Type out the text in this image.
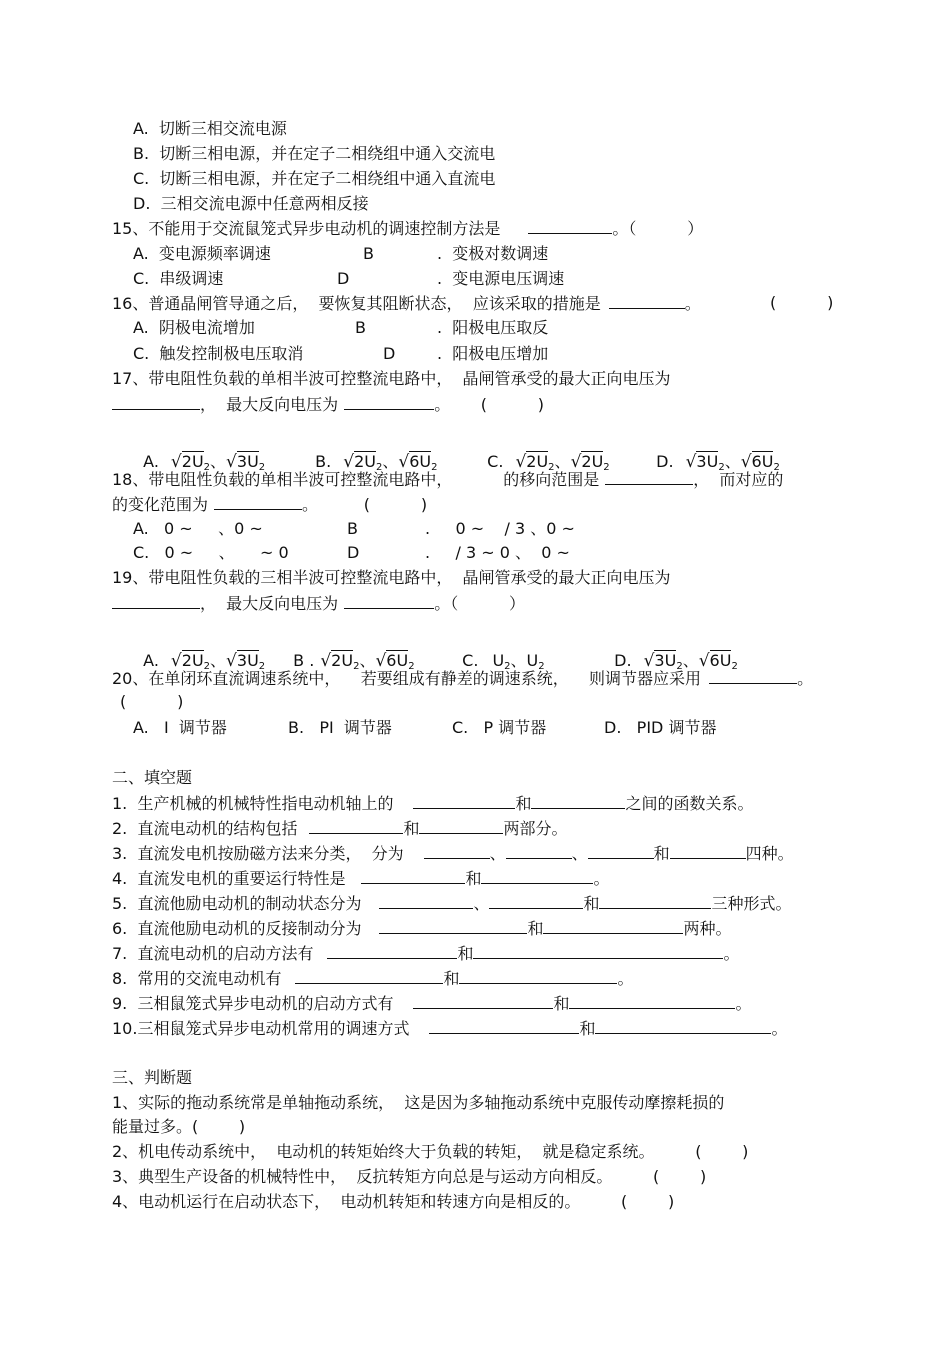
A.  切断三相交流电源
B.  切断三相电源，并在定子二相绕组中通入交流电
C.  切断三相电源，并在定子二相绕组中通入直流电
D.  三相交流电源中任意两相反接
15、不能用于交流鼠笼式异步电动机的调速控制方法是	。（          ）
A.  变电源频率调速	B	.  变极对数调速
C.  串级调速	D	.  变电源电压调速
16、普通晶闸管导通之后，  要恢复其阻断状态，  应该采取的措施是	。	(          )
A.  阴极电流增加	B	.  阳极电压取反
C.  触发控制极电压取消	D	.  阳极电压增加
17、带电阻性负载的单相半波可控整流电路中，  晶闸管承受的最大正向电压为
，  最大反向电压为	。      (          )

A. $√2U_2$、$√3U_2$	B. $√2U_2$、$√6U_2$	C. $√2U_2$、$√2U_2$	D. $√3U_2$、$√6U_2$
18、带电阻性负载的单相半波可控整流电路中，          的移向范围是	，  而对应的
的变化范围为	。         (          )
A.   0 ~     、0 ~	B	.     0 ~    / 3 、0 ~
C.   0 ~     、     ~ 0	D	.     / 3 ~ 0 、  0 ~
19、带电阻性负载的三相半波可控整流电路中，  晶闸管承受的最大正向电压为
，  最大反向电压为	。（          ）

A. $√2U_2$、$√3U_2$	B . $√2U_2$、$√6U_2$	C. $U_2$、$U_2$	D. $√3U_2$、$√6U_2$
20、在单闭环直流调速系统中，    若要组成有静差的调速系统，    则调节器应采用	。
(          )
A.   I  调节器	B.   PI  调节器	C.   P 调节器	D.   PID 调节器
二、填空题
1. 生产机械的机械特性指电动机轴上的	和	之间的函数关系。
2. 直流电动机的结构包括	和	两部分。
3. 直流发电机按励磁方法来分类，  分为	、	、	和	四种。
4. 直流发电机的重要运行特性是	和	。
5. 直流他励电动机的制动状态分为	、	和	三种形式。
6. 直流他励电动机的反接制动分为	和	两种。
7. 直流电动机的启动方法有	和	。
8. 常用的交流电动机有	和	。
9. 三相鼠笼式异步电动机的启动方式有	和	。
10.三相鼠笼式异步电动机常用的调速方式	和	。
三、判断题
1、实际的拖动系统常是单轴拖动系统，  这是因为多轴拖动系统中克服传动摩擦耗损的
能量过多。(        )
2、机电传动系统中，  电动机的转矩始终大于负载的转矩，  就是稳定系统。        (        )
3、典型生产设备的机械特性中，  反抗转矩方向总是与运动方向相反。        (        )
4、电动机运行在启动状态下，  电动机转矩和转速方向是相反的。        (        )
